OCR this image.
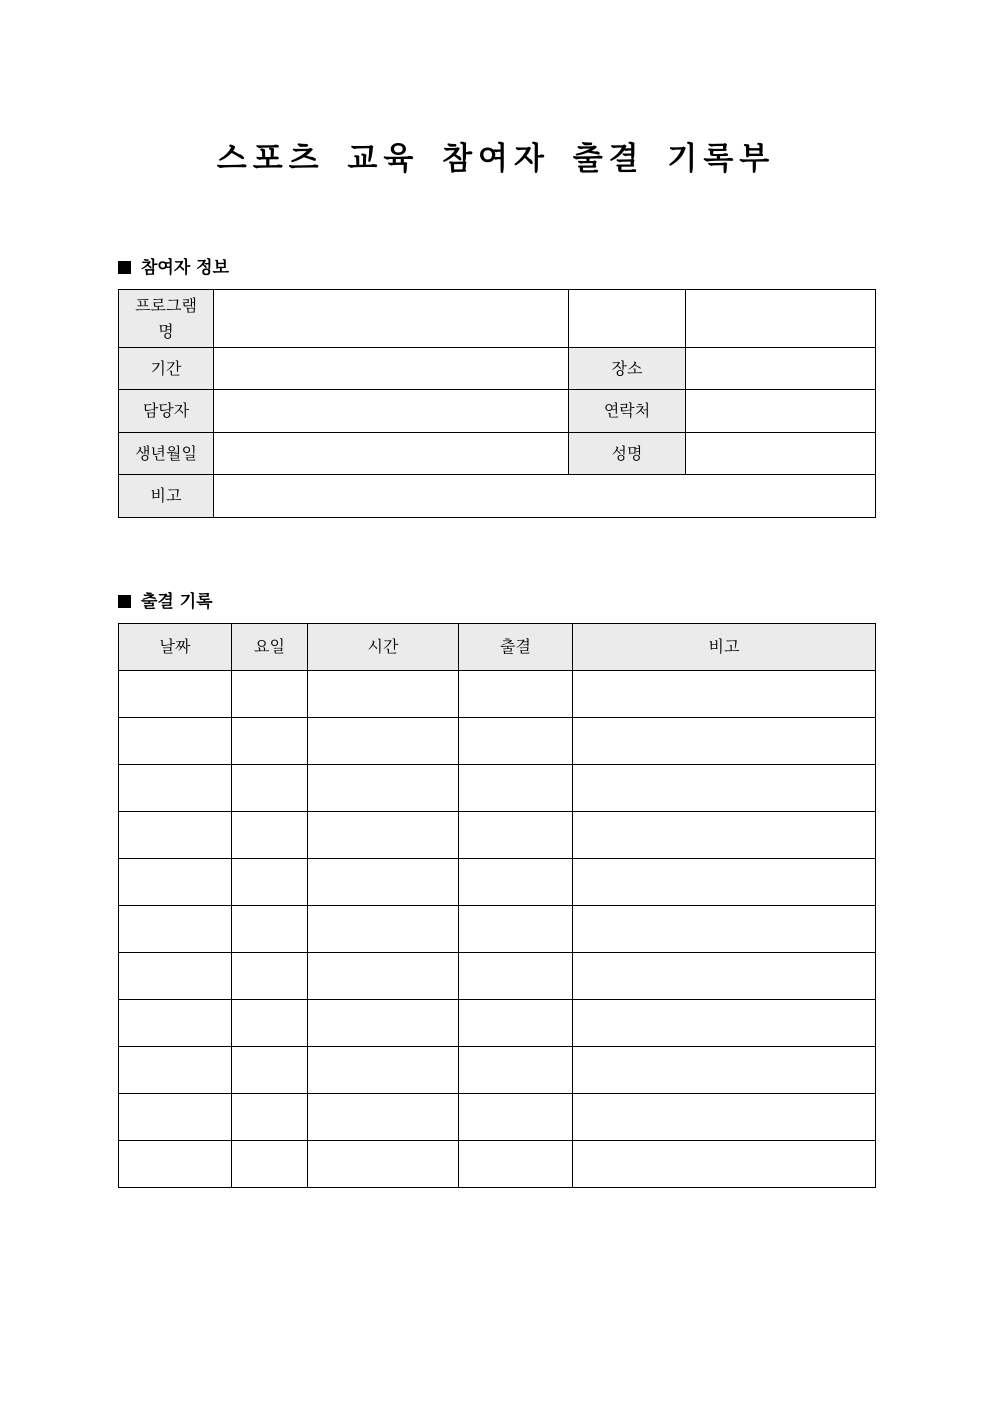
스포츠 교육 참여자 출결 기록부
참여자 정보
프로그램명			
기간		장소	
담당자		연락처	
생년월일		성명	
비고			
출결 기록
날짜	요일	시간	출결	비고
